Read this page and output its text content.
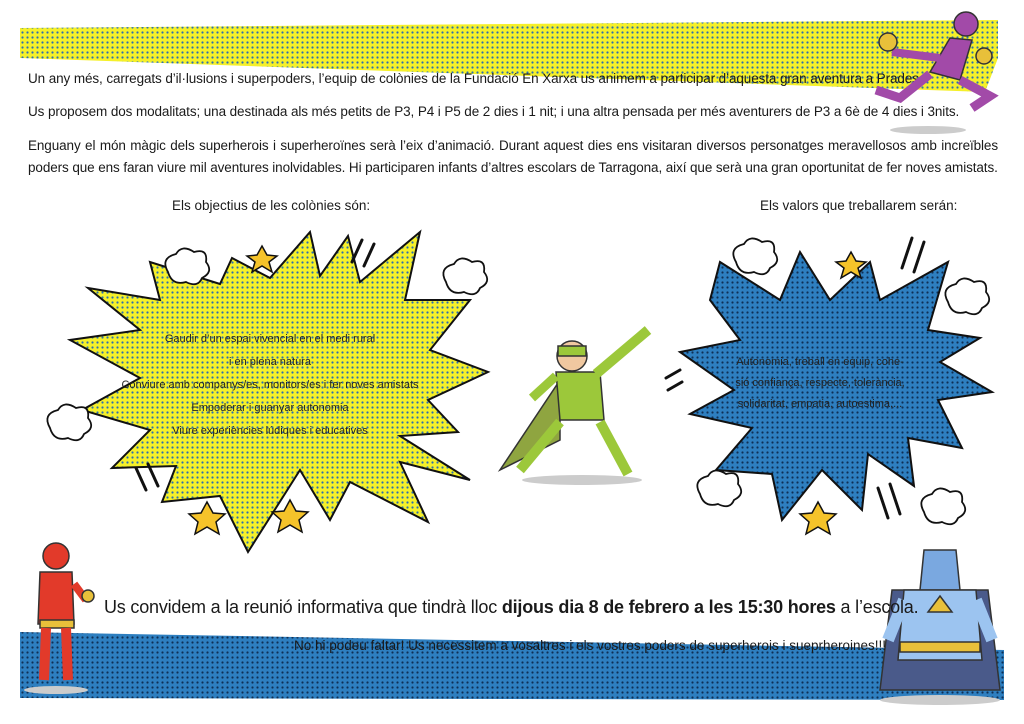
Un any més, carregats d’il·lusions i superpoders, l’equip de colònies de la Fundació En Xarxa us animem a participar d’aquesta gran aventura a Prades.
Us proposem dos modalitats; una destinada als més petits de P3, P4 i P5 de 2 dies i 1 nit; i una altra pensada per més aventurers de P3 a 6è de 4 dies i 3nits.
Enguany el món màgic dels superherois i superheroïnes serà l’eix d’animació. Durant aquest dies ens visitaran diversos personatges meravellosos amb increïbles poders que ens faran viure mil aventures inolvidables. Hi participaren infants d’altres escolars de Tarragona, així que serà una gran oportunitat de fer noves amistats.
Els objectius de les colònies són:	Els valors que treballarem serán:
Gaudir d’un espai vivencial en el medi rural
i en plena natura
Conviure amb companys/es, monitors/es i fer noves amistats
Empoderar i guanyar autonomia
Viure experiències lúdiques i educatives
Autonomia, treball en equip, cohe-
sió confiança, respecte, tolerància,
solidaritat, empatia, autoestima,...
Us convidem a la reunió informativa que tindrà lloc dijous dia 8 de febrero a les 15:30 hores a l’escola.
No hi podeu faltar! Us necessitem a vosaltres i els vostres poders de superherois i sueprheroines!!!
